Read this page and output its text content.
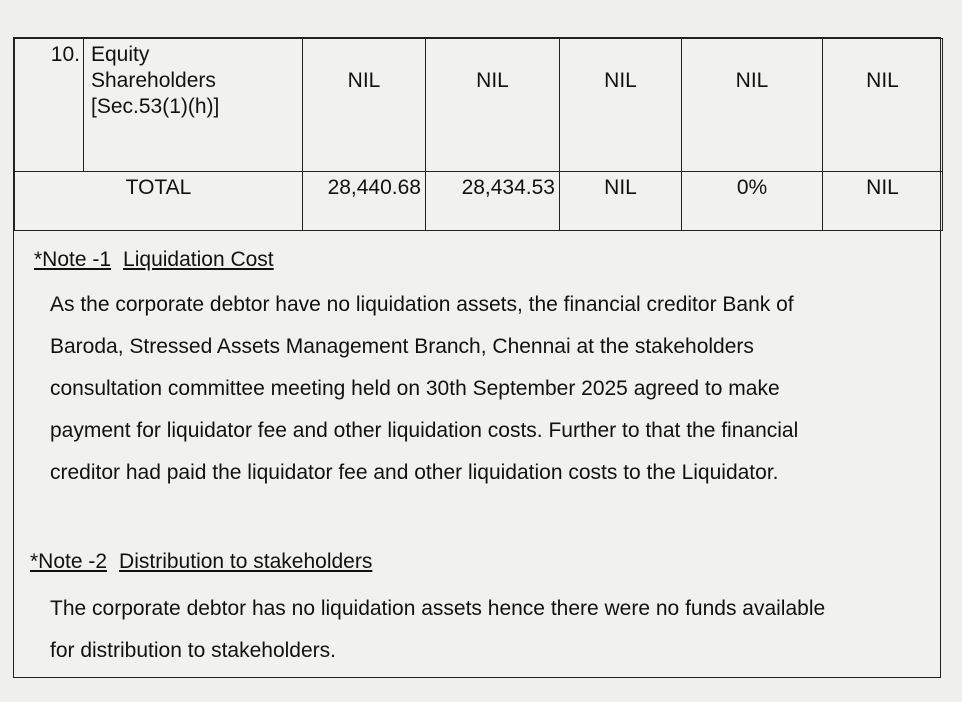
10.	Equity
Shareholders
[Sec.53(1)(h)]	NIL	NIL	NIL	NIL	NIL
TOTAL		28,440.68	28,434.53	NIL	0%	NIL
*Note -1 Liquidation Cost
As the corporate debtor have no liquidation assets, the financial creditor Bank of
Baroda, Stressed Assets Management Branch, Chennai at the stakeholders
consultation committee meeting held on 30th September 2025 agreed to make
payment for liquidator fee and other liquidation costs. Further to that the financial
creditor had paid the liquidator fee and other liquidation costs to the Liquidator.
*Note -2 Distribution to stakeholders
The corporate debtor has no liquidation assets hence there were no funds available
for distribution to stakeholders.
